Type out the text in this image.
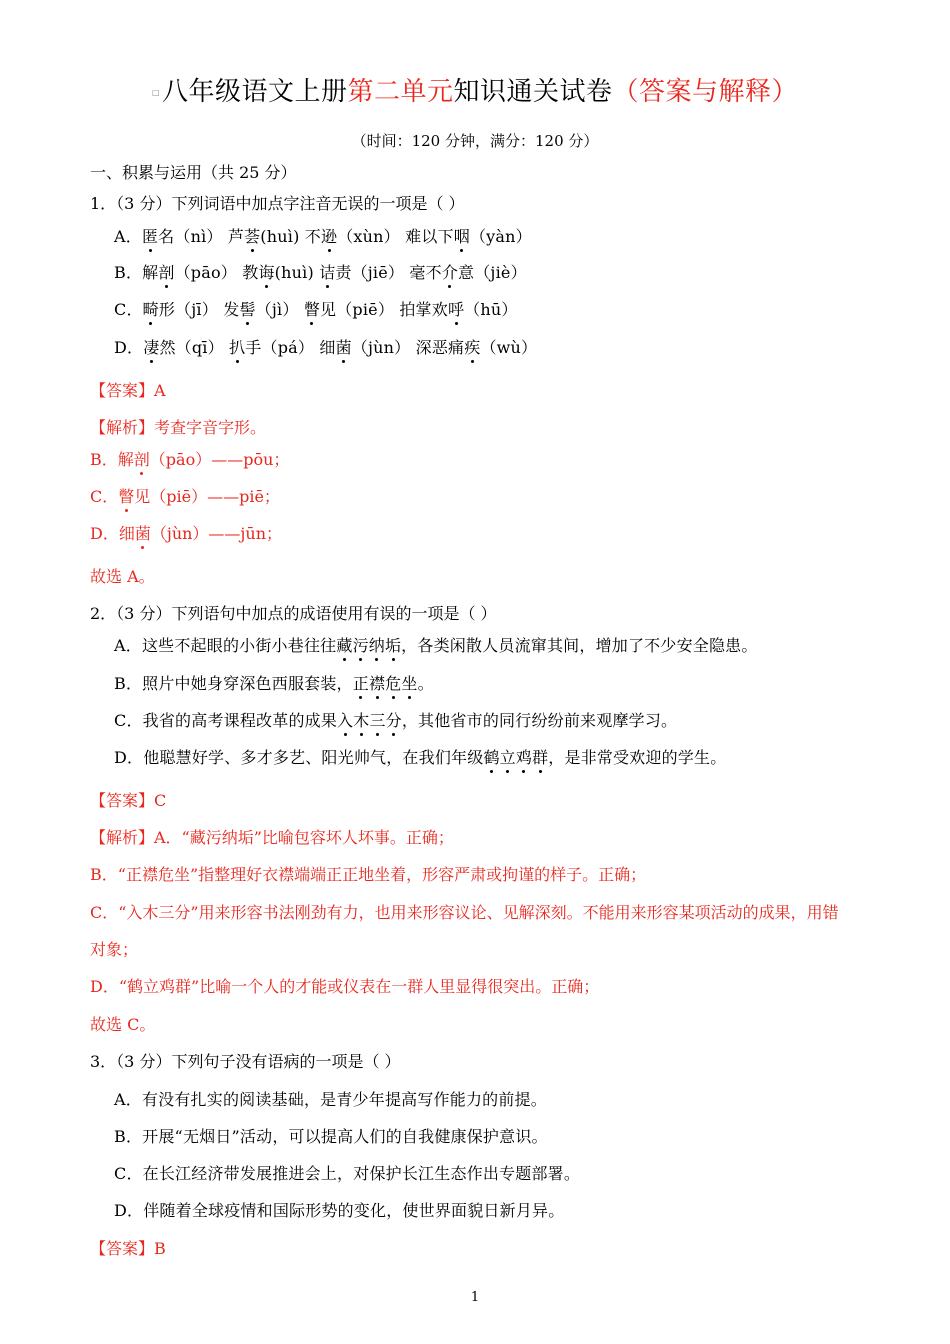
□八年级语文上册第二单元知识通关试卷（答案与解释）
（时间：120 分钟，满分：120 分）
一、积累与运用（共 25 分）
1．（3 分）下列词语中加点字注音无误的一项是（ ）
A．匿名（nì） 芦荟(huì) 不逊（xùn） 难以下咽（yàn）
B．解剖（pāo） 教诲(huì) 诘责（jiē） 毫不介意（jiè）
C．畸形（jī） 发髻（jì） 瞥见（piē） 拍掌欢呼（hū）
D．凄然（qī） 扒手（pá） 细菌（jùn） 深恶痛疾（wù）
【答案】A
【解析】考查字音字形。
B．解剖（pāo）——pōu；
C．瞥见（piē）——piē；
D．细菌（jùn）——jūn；
故选 A。
2．（3 分）下列语句中加点的成语使用有误的一项是（ ）
A．这些不起眼的小街小巷往往藏污纳垢，各类闲散人员流窜其间，增加了不少安全隐患。
B．照片中她身穿深色西服套装，正襟危坐。
C．我省的高考课程改革的成果入木三分，其他省市的同行纷纷前来观摩学习。
D．他聪慧好学、多才多艺、阳光帅气，在我们年级鹤立鸡群，是非常受欢迎的学生。
【答案】C
【解析】A．“藏污纳垢”比喻包容坏人坏事。正确；
B．“正襟危坐”指整理好衣襟端端正正地坐着，形容严肃或拘谨的样子。正确；
C．“入木三分”用来形容书法刚劲有力，也用来形容议论、见解深刻。不能用来形容某项活动的成果，用错
对象；
D．“鹤立鸡群”比喻一个人的才能或仪表在一群人里显得很突出。正确；
故选 C。
3．（3 分）下列句子没有语病的一项是（ ）
A．有没有扎实的阅读基础，是青少年提高写作能力的前提。
B．开展“无烟日”活动，可以提高人们的自我健康保护意识。
C．在长江经济带发展推进会上，对保护长江生态作出专题部署。
D．伴随着全球疫情和国际形势的变化，使世界面貌日新月异。
【答案】B
1
